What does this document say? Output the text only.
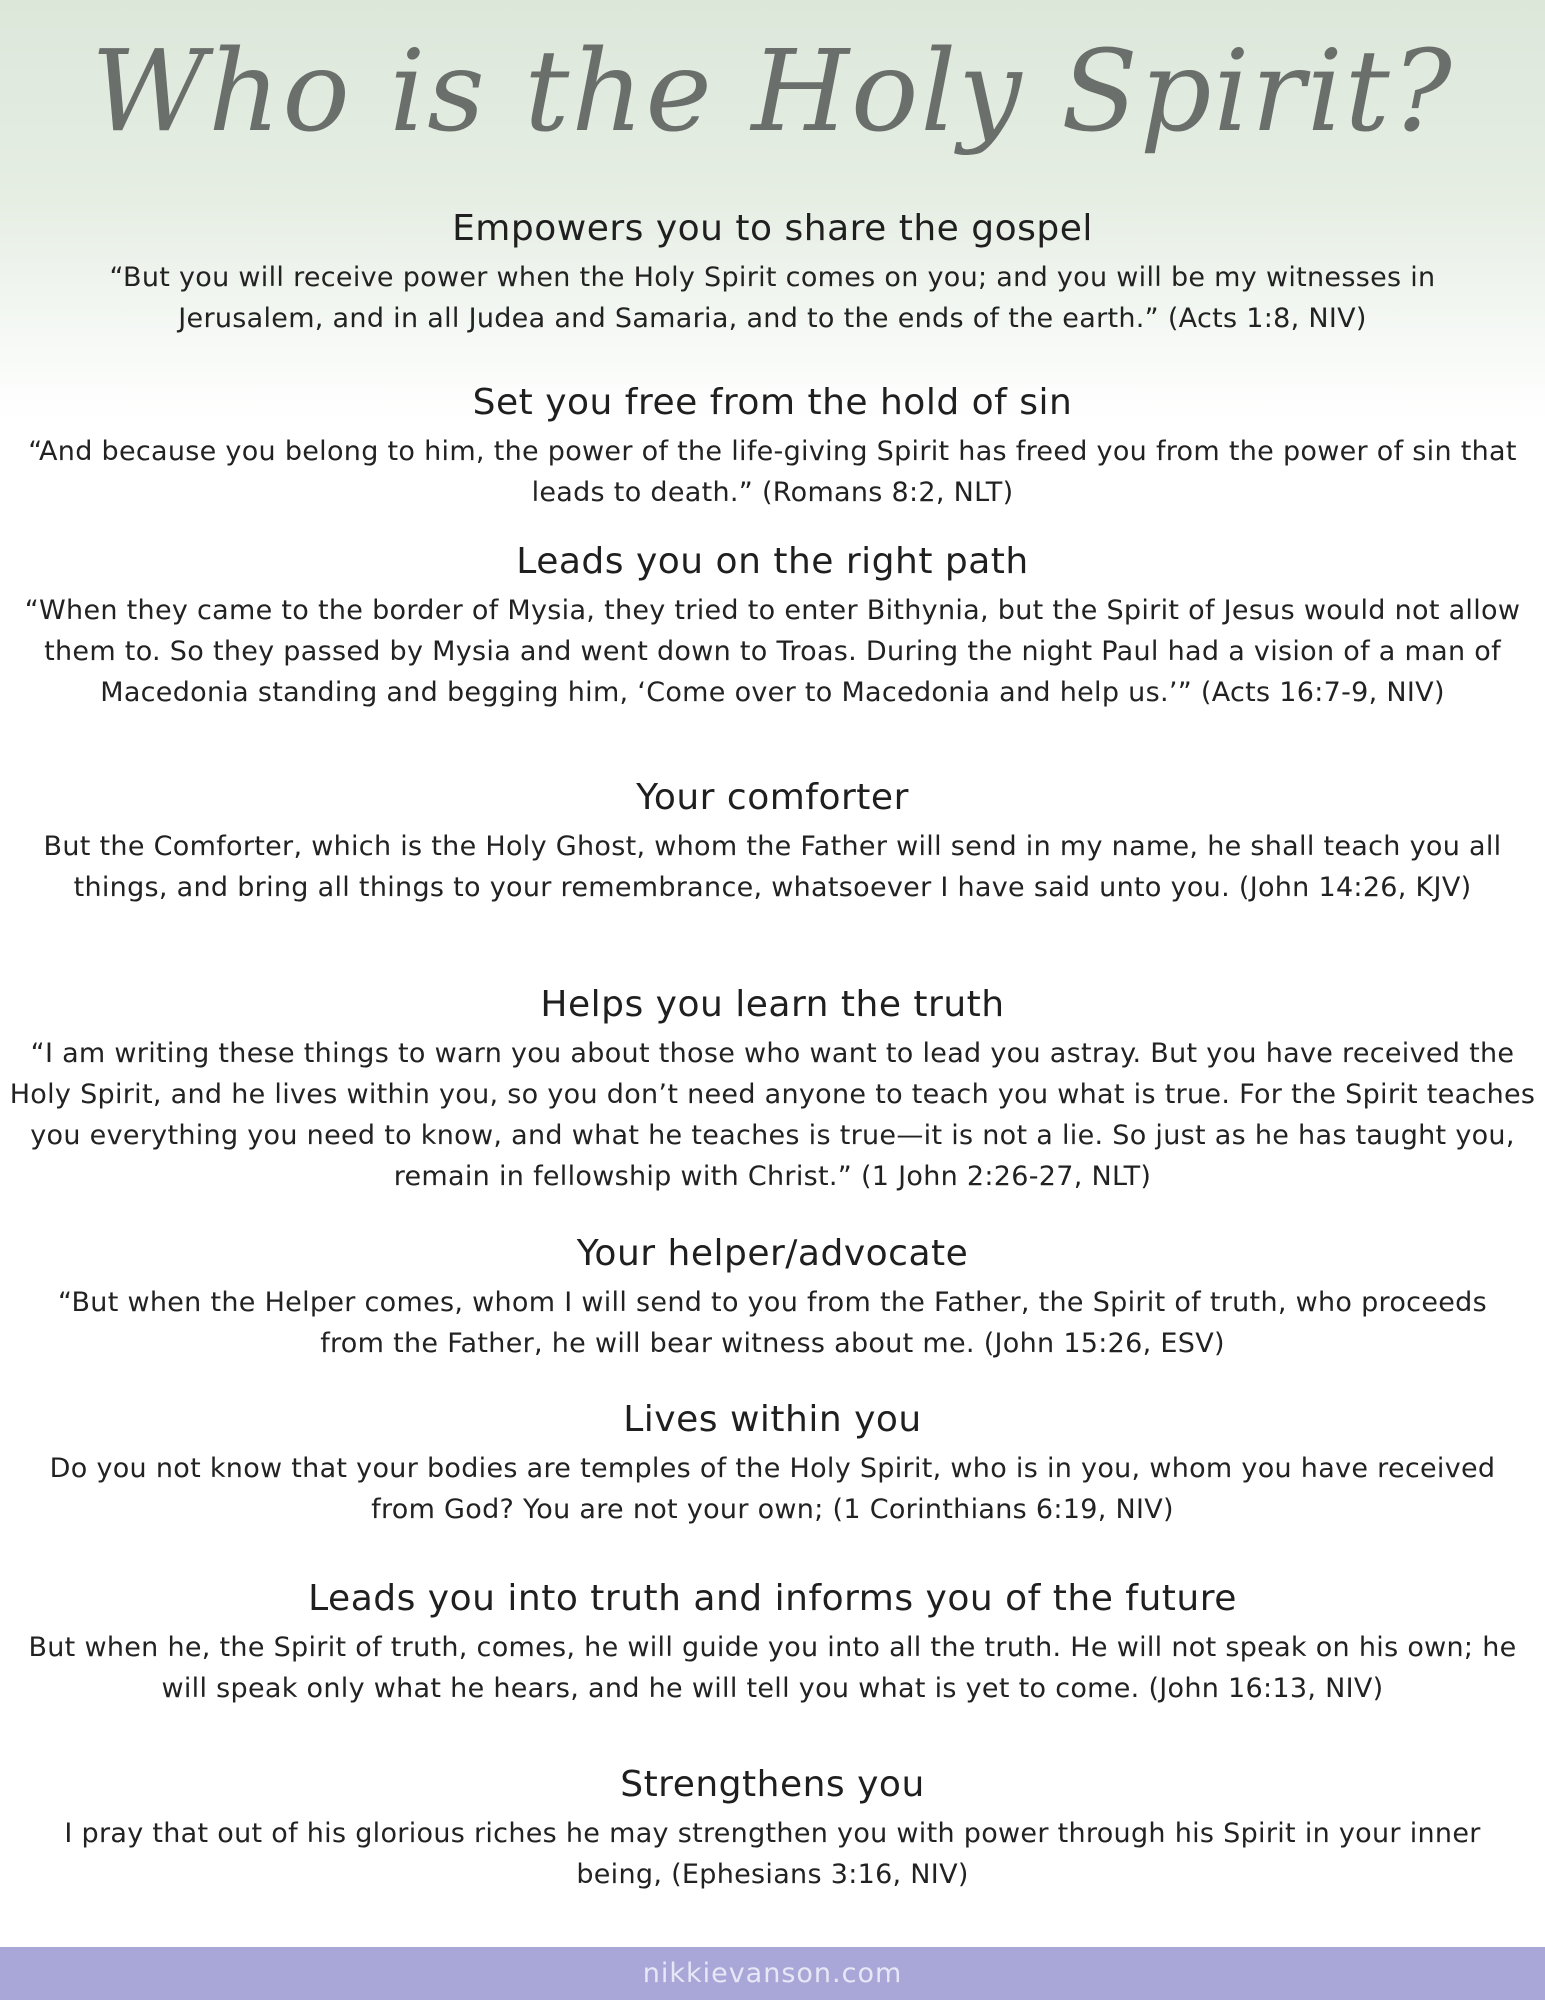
Who is the Holy Spirit?
Empowers you to share the gospel

“But you will receive power when the Holy Spirit comes on you; and you will be my witnesses in Jerusalem, and in all Judea and Samaria, and to the ends of the earth.” (Acts 1:8, NIV)

Set you free from the hold of sin

“And because you belong to him, the power of the life-giving Spirit has freed you from the power of sin that leads to death.” (Romans 8:2, NLT)

Leads you on the right path

“When they came to the border of Mysia, they tried to enter Bithynia, but the Spirit of Jesus would not allow them to. So they passed by Mysia and went down to Troas. During the night Paul had a vision of a man of Macedonia standing and begging him, ‘Come over to Macedonia and help us.’” (Acts 16:7-9, NIV)

Your comforter

But the Comforter, which is the Holy Ghost, whom the Father will send in my name, he shall teach you all things, and bring all things to your remembrance, whatsoever I have said unto you. (John 14:26, KJV)

Helps you learn the truth

“I am writing these things to warn you about those who want to lead you astray. But you have received the Holy Spirit, and he lives within you, so you don’t need anyone to teach you what is true. For the Spirit teaches you everything you need to know, and what he teaches is true—it is not a lie. So just as he has taught you, remain in fellowship with Christ.” (1 John 2:26-27, NLT)

Your helper/advocate

“But when the Helper comes, whom I will send to you from the Father, the Spirit of truth, who proceeds from the Father, he will bear witness about me. (John 15:26, ESV)

Lives within you

Do you not know that your bodies are temples of the Holy Spirit, who is in you, whom you have received from God? You are not your own; (1 Corinthians 6:19, NIV)

Leads you into truth and informs you of the future

But when he, the Spirit of truth, comes, he will guide you into all the truth. He will not speak on his own; he will speak only what he hears, and he will tell you what is yet to come. (John 16:13, NIV)

Strengthens you

I pray that out of his glorious riches he may strengthen you with power through his Spirit in your inner being, (Ephesians 3:16, NIV)

nikkievanson.com
